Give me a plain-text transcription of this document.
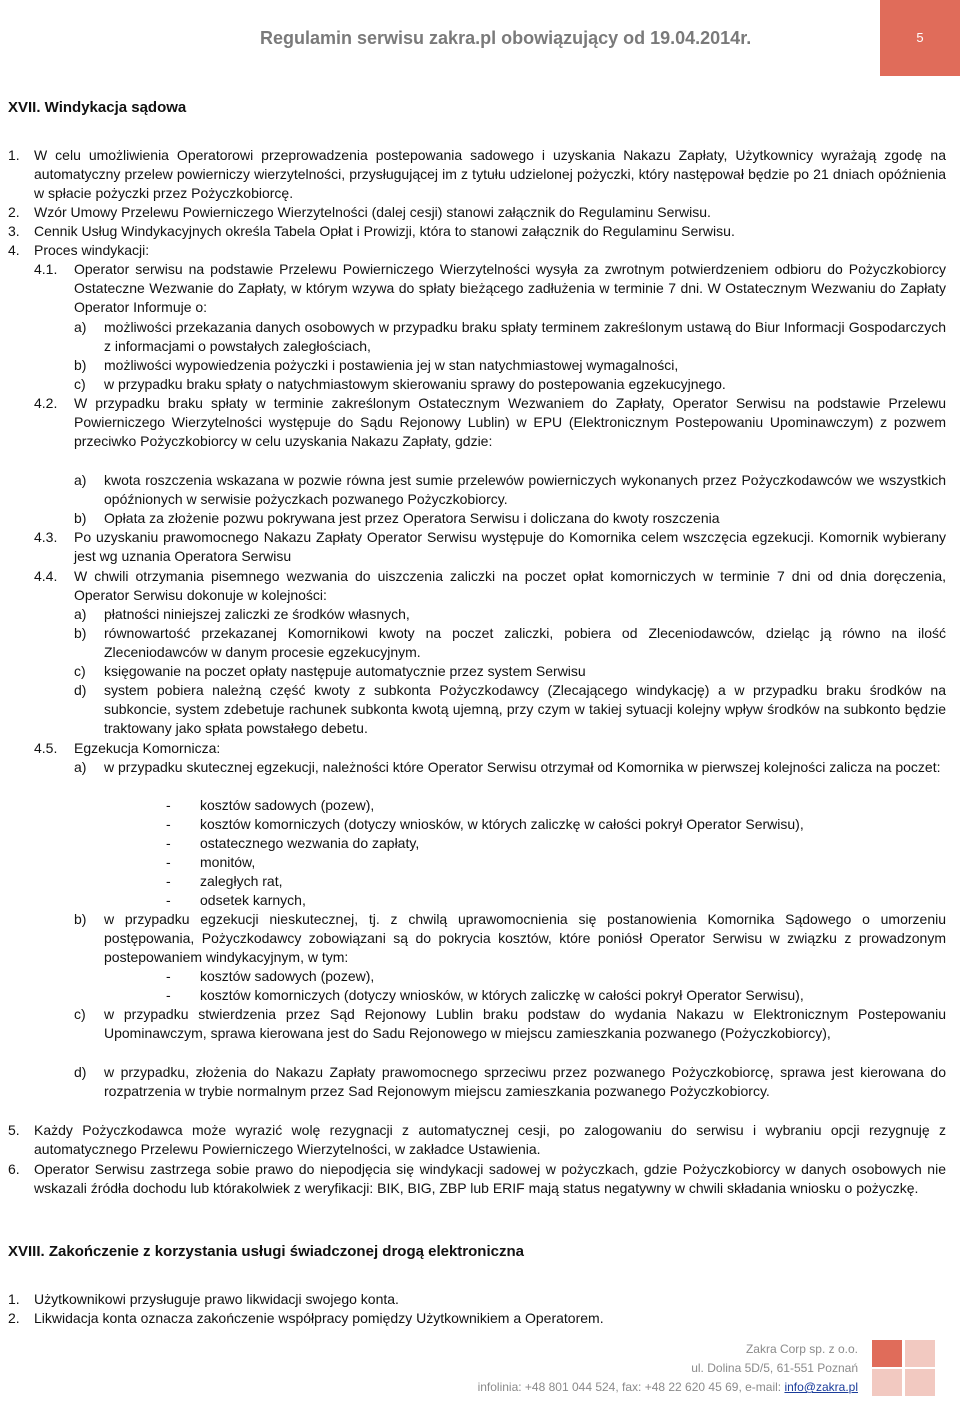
Regulamin serwisu zakra.pl obowiązujący od 19.04.2014r.	5
XVII. Windykacja sądowa
1. W celu umożliwienia Operatorowi przeprowadzenia postepowania sadowego i uzyskania Nakazu Zapłaty, Użytkownicy wyrażają zgodę na automatyczny przelew powierniczy wierzytelności, przysługującej im z tytułu udzielonej pożyczki, który następował będzie po 21 dniach opóźnienia w spłacie pożyczki przez Pożyczkobiorcę.
2. Wzór Umowy Przelewu Powierniczego Wierzytelności (dalej cesji) stanowi załącznik do Regulaminu Serwisu.
3. Cennik Usług Windykacyjnych określa Tabela Opłat i Prowizji, która to stanowi załącznik do Regulaminu Serwisu.
4. Proces windykacji:
4.1. Operator serwisu na podstawie Przelewu Powierniczego Wierzytelności wysyła za zwrotnym potwierdzeniem odbioru do Pożyczkobiorcy Ostateczne Wezwanie do Zapłaty, w którym wzywa do spłaty bieżącego zadłużenia w terminie 7 dni. W Ostatecznym Wezwaniu do Zapłaty Operator Informuje o:
a) możliwości przekazania danych osobowych w przypadku braku spłaty terminem zakreślonym ustawą do Biur Informacji Gospodarczych z informacjami o powstałych zaległościach,
b) możliwości wypowiedzenia pożyczki i postawienia jej w stan natychmiastowej wymagalności,
c) w przypadku braku spłaty o natychmiastowym skierowaniu sprawy do postepowania egzekucyjnego.
4.2. W przypadku braku spłaty w terminie zakreślonym Ostatecznym Wezwaniem do Zapłaty, Operator Serwisu na podstawie Przelewu Powierniczego Wierzytelności występuje do Sądu Rejonowy Lublin) w EPU (Elektronicznym Postepowaniu Upominawczym) z pozwem przeciwko Pożyczkobiorcy w celu uzyskania Nakazu Zapłaty, gdzie:
a) kwota roszczenia wskazana w pozwie równa jest sumie przelewów powierniczych wykonanych przez Pożyczkodawców we wszystkich opóźnionych w serwisie pożyczkach pozwanego Pożyczkobiorcy.
b) Opłata za złożenie pozwu pokrywana jest przez Operatora Serwisu i doliczana do kwoty roszczenia
4.3. Po uzyskaniu prawomocnego Nakazu Zapłaty Operator Serwisu występuje do Komornika celem wszczęcia egzekucji. Komornik wybierany jest wg uznania Operatora Serwisu
4.4. W chwili otrzymania pisemnego wezwania do uiszczenia zaliczki na poczet opłat komorniczych w terminie 7 dni od dnia doręczenia, Operator Serwisu dokonuje w kolejności:
a) płatności niniejszej zaliczki ze środków własnych,
b) równowartość przekazanej Komornikowi kwoty na poczet zaliczki, pobiera od Zleceniodawców, dzieląc ją równo na ilość Zleceniodawców w danym procesie egzekucyjnym.
c) księgowanie na poczet opłaty następuje automatycznie przez system Serwisu
d) system pobiera należną część kwoty z subkonta Pożyczkodawcy (Zlecającego windykację) a w przypadku braku środków na subkoncie, system zdebetuje rachunek subkonta kwotą ujemną, przy czym w takiej sytuacji kolejny wpływ środków na subkonto będzie traktowany jako spłata powstałego debetu.
4.5. Egzekucja Komornicza:
a) w przypadku skutecznej egzekucji, należności które Operator Serwisu otrzymał od Komornika w pierwszej kolejności zalicza na poczet:
- kosztów sadowych (pozew),
- kosztów komorniczych (dotyczy wniosków, w których zaliczkę w całości pokrył Operator Serwisu),
- ostatecznego wezwania do zapłaty,
- monitów,
- zaległych rat,
- odsetek karnych,
b) w przypadku egzekucji nieskutecznej, tj. z chwilą uprawomocnienia się postanowienia Komornika Sądowego o umorzeniu postępowania, Pożyczkodawcy zobowiązani są do pokrycia kosztów, które poniósł Operator Serwisu w związku z prowadzonym postepowaniem windykacyjnym, w tym:
- kosztów sadowych (pozew),
- kosztów komorniczych (dotyczy wniosków, w których zaliczkę w całości pokrył Operator Serwisu),
c) w przypadku stwierdzenia przez Sąd Rejonowy Lublin braku podstaw do wydania Nakazu w Elektronicznym Postepowaniu Upominawczym, sprawa kierowana jest do Sadu Rejonowego w miejscu zamieszkania pozwanego (Pożyczkobiorcy),
d) w przypadku, złożenia do Nakazu Zapłaty prawomocnego sprzeciwu przez pozwanego Pożyczkobiorcę, sprawa jest kierowana do rozpatrzenia w trybie normalnym przez Sad Rejonowym miejscu zamieszkania pozwanego Pożyczkobiorcy.
5. Każdy Pożyczkodawca może wyrazić wolę rezygnacji z automatycznej cesji, po zalogowaniu do serwisu i wybraniu opcji rezygnuję z automatycznego Przelewu Powierniczego Wierzytelności, w zakładce Ustawienia.
6. Operator Serwisu zastrzega sobie prawo do niepodjęcia się windykacji sadowej w pożyczkach, gdzie Pożyczkobiorcy w danych osobowych nie wskazali źródła dochodu lub którakolwiek z weryfikacji: BIK, BIG, ZBP lub ERIF mają status negatywny w chwili składania wniosku o pożyczkę.
XVIII. Zakończenie z korzystania usługi świadczonej drogą elektroniczna
1. Użytkownikowi przysługuje prawo likwidacji swojego konta.
2. Likwidacja konta oznacza zakończenie współpracy pomiędzy Użytkownikiem a Operatorem.
Zakra Corp sp. z o.o.
ul. Dolina 5D/5, 61-551 Poznań
infolinia: +48 801 044 524, fax: +48 22 620 45 69, e-mail: info@zakra.pl
